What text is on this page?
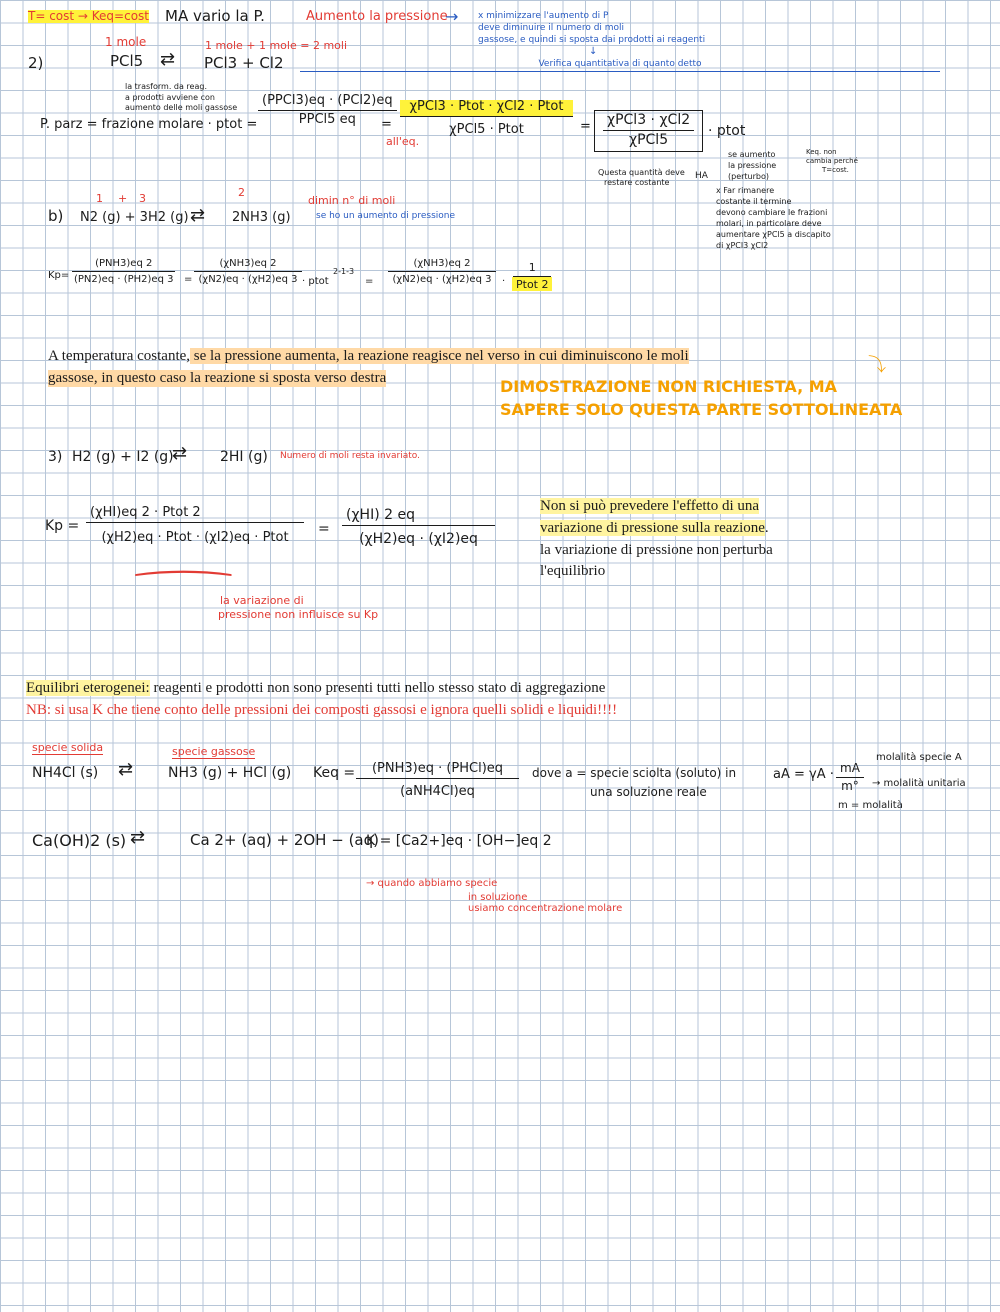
T= cost → Keq=cost MA vario la P.	Aumento la pressione
→ x minimizzare l'aumento di P
deve diminuire il numero di moli
gassose, e quindi si sposta dai prodotti ai reagenti
↓
Verifica quantitativa di quanto detto
1 mole	1 mole + 1 mole = 2 moli
2)	PCl5 ⇄ PCl3 + Cl2
la trasform. da reag.
a prodotti avviene con
aumento delle moli gassose
P. parz = frazione molare · ptot = $\frac{\text{(PPCl3)eq · (PCl2)eq}}{\text{PPCl5 eq}}$
=
all'eq.
$\frac{\text{χPCl3 · Ptot · χCl2 · Ptot}}{\text{χPCl5 · Ptot}} = \frac{\text{χPCl3 · χCl2}}{\text{χPCl5}}$ · ptot
Questa quantità deve
restare costante
HA
se aumento
la pressione
(perturbo)
Keq. non
cambia perché
T=cost.
x Far rimanere
costante il termine
devono cambiare le frazioni
molari, in particolare deve
aumentare χPCl5 a discapito
di χPCl3 χCl2
1 + 3	2
b) N2 (g) + 3H2 (g) ⇄ 2NH3 (g)
dimin n° di moli
se ho un aumento di pressione
$Kp= \frac{\text{(PNH3)eq 2}}{(PN2)eq \cdot (PH2)eq 3} = \frac{\text{(χNH3)eq 2}}{(\chi N2)eq \cdot (\chi H2)eq 3}$ · ptot
2-1-3
= $\frac{\text{(χNH3)eq 2}}{(\chi N2)eq \cdot (\chi H2)eq 3} \cdot \frac{1}{\text{Ptot 2}}$
A temperatura costante, se la pressione aumenta, la reazione reagisce nel verso in cui diminuiscono le moli
gassose, in questo caso la reazione si sposta verso destra
⤵
DIMOSTRAZIONE NON RICHIESTA, MA
SAPERE SOLO QUESTA PARTE SOTTOLINEATA
3) H2 (g) + I2 (g)
⇄ 2HI (g) Numero di moli resta invariato.
$Kp = \frac{\text{(χHI)eq 2 · Ptot 2}}{\text{(χH2)eq · Ptot · (χI2)eq · Ptot}} = \frac{\text{(χHI) 2 eq}}{(\chi H2)eq \cdot (\chi I2)eq}$
(
la variazione di
pressione non influisce su Kp
Non si può prevedere l'effetto di una
variazione di pressione sulla reazione.
la variazione di pressione non perturba
l'equilibrio
Equilibri eterogenei: reagenti e prodotti non sono presenti tutti nello stesso stato di aggregazione
NB: si usa K che tiene conto delle pressioni dei composti gassosi e ignora quelli solidi e liquidi!!!!
specie solida	specie gassose
NH4Cl (s) ⇄	NH3 (g) + HCl (g) Keq = $\frac{\text{(PNH3)eq · (PHCl)eq}}{\text{(aNH4Cl)eq}}$ dove a = specie sciolta (soluto) in
una soluzione reale
aA = $\gamma A \cdot \frac{mA}{m^\circ}$
molalità specie A
→ molalità unitaria
m = molalità
Ca(OH)2 (s) ⇄	Ca 2+ (aq) + 2OH − (aq)
K = [Ca2+]eq · [OH−]eq 2
→ quando abbiamo specie
in soluzione
usiamo concentrazione molare
